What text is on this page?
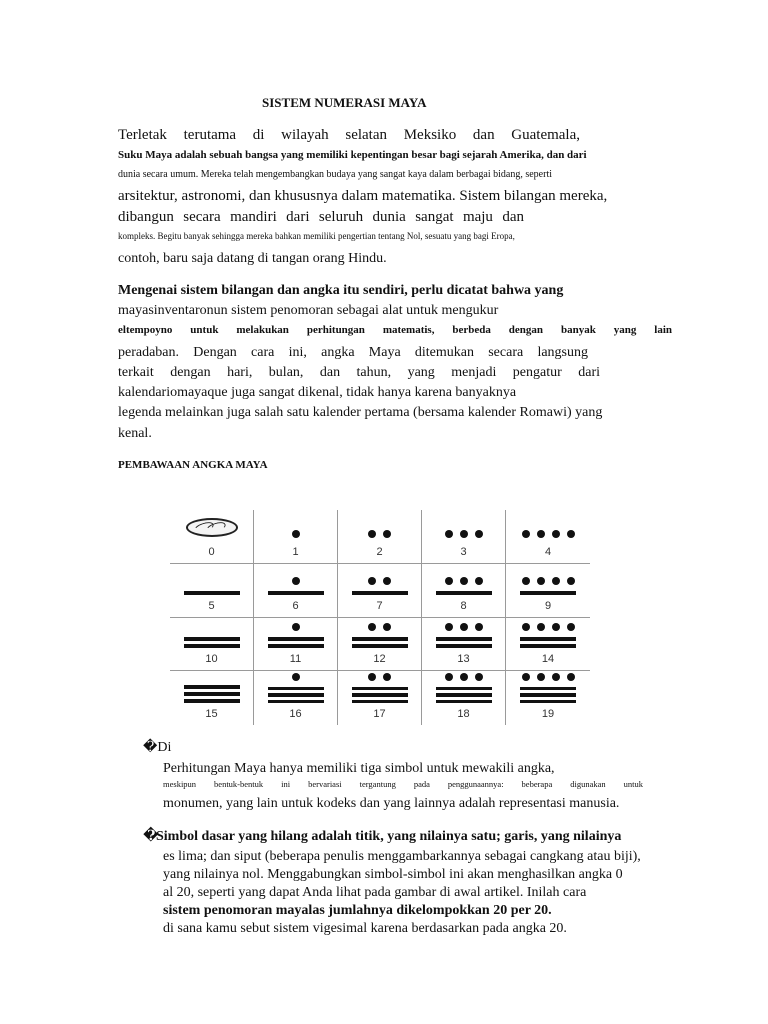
SISTEM NUMERASI MAYA
Terletak terutama di wilayah selatan Meksiko dan Guatemala,
Suku Maya adalah sebuah bangsa yang memiliki kepentingan besar bagi sejarah Amerika, dan dari
dunia secara umum. Mereka telah mengembangkan budaya yang sangat kaya dalam berbagai bidang, seperti
arsitektur, astronomi, dan khususnya dalam matematika. Sistem bilangan mereka,
dibangun secara mandiri dari seluruh dunia sangat maju dan
kompleks. Begitu banyak sehingga mereka bahkan memiliki pengertian tentang Nol, sesuatu yang bagi Eropa,
contoh, baru saja datang di tangan orang Hindu.
Mengenai sistem bilangan dan angka itu sendiri, perlu dicatat bahwa yang
mayasinventaronun sistem penomoran sebagai alat untuk mengukur
eltempoyno untuk melakukan perhitungan matematis, berbeda dengan banyak yang lain
peradaban. Dengan cara ini, angka Maya ditemukan secara langsung
terkait dengan hari, bulan, dan tahun, yang menjadi pengatur dari
kalendariomayaque juga sangat dikenal, tidak hanya karena banyaknya
legenda melainkan juga salah satu kalender pertama (bersama kalender Romawi) yang
kenal.
PEMBAWAAN ANGKA MAYA
0	1	2	3	4
5	6	7	8	9
10	11	12	13	14
15	16	17	18	19
�Di
Perhitungan Maya hanya memiliki tiga simbol untuk mewakili angka,
meskipun bentuk-bentuk ini bervariasi tergantung pada penggunaannya: beberapa digunakan untuk
monumen, yang lain untuk kodeks dan yang lainnya adalah representasi manusia.
�
Simbol dasar yang hilang adalah titik, yang nilainya satu; garis, yang nilainya
es lima; dan siput (beberapa penulis menggambarkannya sebagai cangkang atau biji),
yang nilainya nol. Menggabungkan simbol-simbol ini akan menghasilkan angka 0
al 20, seperti yang dapat Anda lihat pada gambar di awal artikel. Inilah cara
sistem penomoran mayalas jumlahnya dikelompokkan 20 per 20.
di sana kamu sebut sistem vigesimal karena berdasarkan pada angka 20.
